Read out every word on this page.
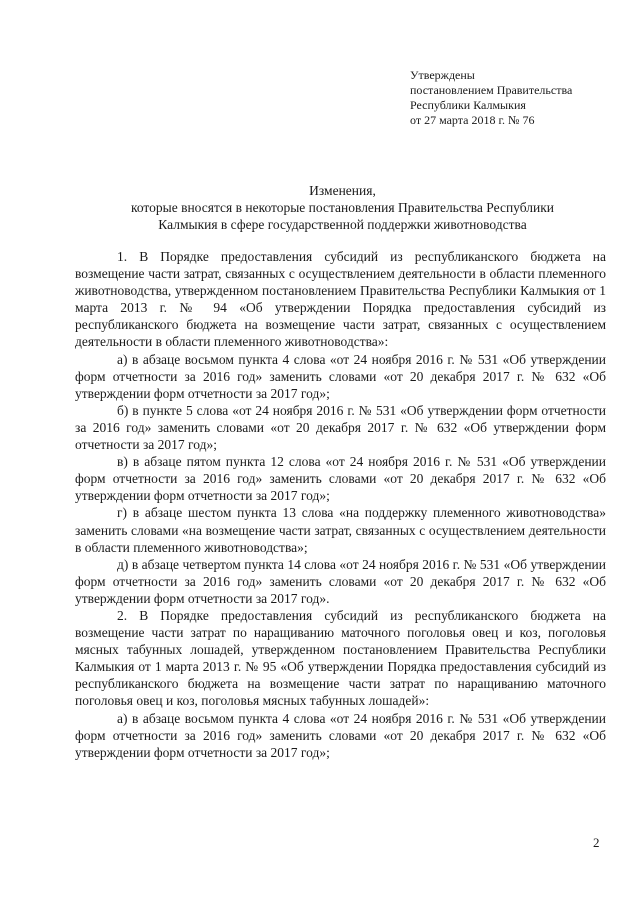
Утверждены
постановлением Правительства
Республики Калмыкия
от 27 марта 2018 г. № 76
Изменения,
которые вносятся в некоторые постановления Правительства Республики
Калмыкия в сфере государственной поддержки животноводства

1. В Порядке предоставления субсидий из республиканского бюджета на возмещение части затрат, связанных с осуществлением деятельности в области племенного животноводства, утвержденном постановлением Правительства Республики Калмыкия от 1 марта 2013 г. № 94 «Об утверждении Порядка предоставления субсидий из республиканского бюджета на возмещение части затрат, связанных с осуществлением деятельности в области племенного животноводства»:

а) в абзаце восьмом пункта 4 слова «от 24 ноября 2016 г. № 531 «Об утверждении форм отчетности за 2016 год» заменить словами «от 20 декабря 2017 г. № 632 «Об утверждении форм отчетности за 2017 год»;

б) в пункте 5 слова «от 24 ноября 2016 г. № 531 «Об утверждении форм отчетности за 2016 год» заменить словами «от 20 декабря 2017 г. № 632 «Об утверждении форм отчетности за 2017 год»;

в) в абзаце пятом пункта 12 слова «от 24 ноября 2016 г. № 531 «Об утверждении форм отчетности за 2016 год» заменить словами «от 20 декабря 2017 г. № 632 «Об утверждении форм отчетности за 2017 год»;

г) в абзаце шестом пункта 13 слова «на поддержку племенного животноводства» заменить словами «на возмещение части затрат, связанных с осуществлением деятельности в области племенного животноводства»;

д) в абзаце четвертом пункта 14 слова «от 24 ноября 2016 г. № 531 «Об утверждении форм отчетности за 2016 год» заменить словами «от 20 декабря 2017 г. № 632 «Об утверждении форм отчетности за 2017 год».

2. В Порядке предоставления субсидий из республиканского бюджета на возмещение части затрат по наращиванию маточного поголовья овец и коз, поголовья мясных табунных лошадей, утвержденном постановлением Правительства Республики Калмыкия от 1 марта 2013 г. № 95 «Об утверждении Порядка предоставления субсидий из республиканского бюджета на возмещение части затрат по наращиванию маточного поголовья овец и коз, поголовья мясных табунных лошадей»:

а) в абзаце восьмом пункта 4 слова «от 24 ноября 2016 г. № 531 «Об утверждении форм отчетности за 2016 год» заменить словами «от 20 декабря 2017 г. № 632 «Об утверждении форм отчетности за 2017 год»;

2
